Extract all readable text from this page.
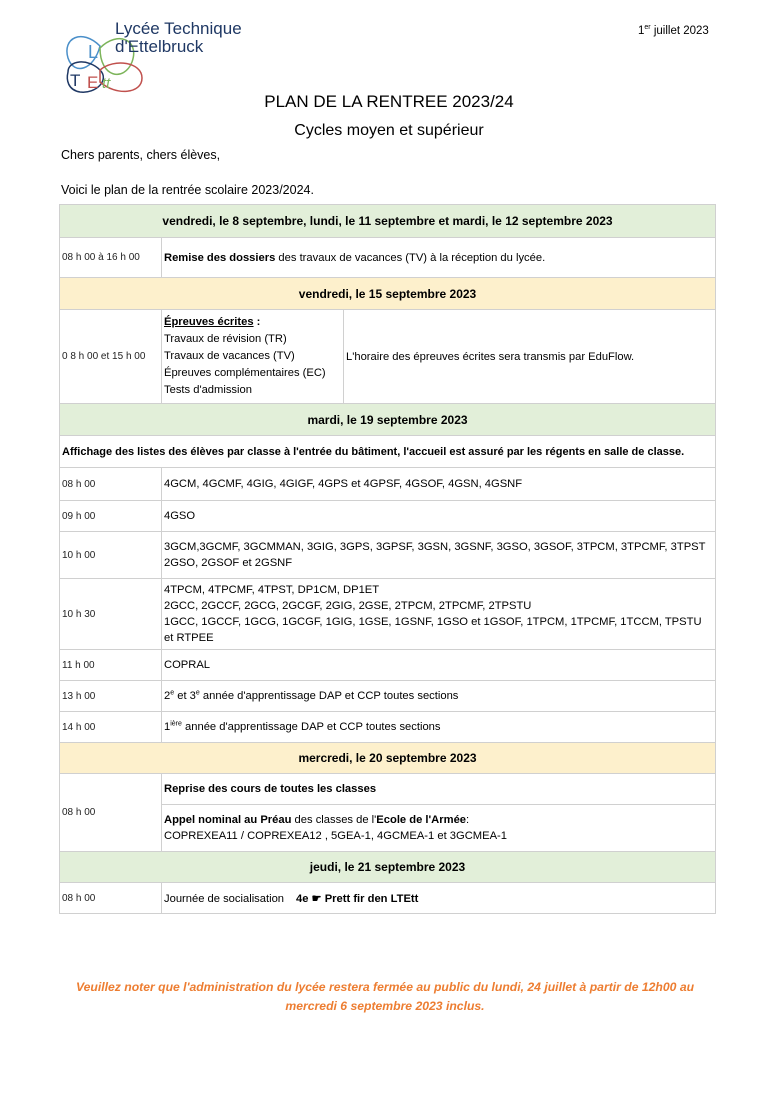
L
T E tt
Lycée Technique
d'Ettelbruck
1er juillet 2023
PLAN DE LA RENTREE 2023/24
Cycles moyen et supérieur
Chers parents, chers élèves,
Voici le plan de la rentrée scolaire 2023/2024.
vendredi, le 8 septembre, lundi, le 11 septembre et mardi, le 12 septembre 2023		
08 h 00 à 16 h 00	Remise des dossiers des travaux de vacances (TV) à la réception du lycée.	
vendredi, le 15 septembre 2023		
0 8 h 00 et 15 h 00	Épreuves écrites :
Travaux de révision (TR)
Travaux de vacances (TV)
Épreuves complémentaires (EC)
Tests d'admission	L'horaire des épreuves écrites sera transmis par EduFlow.
mardi, le 19 septembre 2023		
Affichage des listes des élèves par classe à l'entrée du bâtiment, l'accueil est assuré par les régents en salle de classe.		
08 h 00	4GCM, 4GCMF, 4GIG, 4GIGF, 4GPS et 4GPSF, 4GSOF, 4GSN, 4GSNF	
09 h 00	4GSO	
10 h 00	3GCM,3GCMF, 3GCMMAN, 3GIG, 3GPS, 3GPSF, 3GSN, 3GSNF, 3GSO, 3GSOF, 3TPCM, 3TPCMF, 3TPST 2GSO, 2GSOF et 2GSNF	
10 h 30	4TPCM, 4TPCMF, 4TPST, DP1CM, DP1ET
2GCC, 2GCCF, 2GCG, 2GCGF, 2GIG, 2GSE, 2TPCM, 2TPCMF, 2TPSTU
1GCC, 1GCCF, 1GCG, 1GCGF, 1GIG, 1GSE, 1GSNF, 1GSO et 1GSOF, 1TPCM, 1TPCMF, 1TCCM, TPSTU et RTPEE	

11 h 00	COPRAL	
13 h 00	2e et 3e année d'apprentissage DAP et CCP toutes sections	
14 h 00	$1^{ière}$ année d'apprentissage DAP et CCP toutes sections	
mercredi, le 20 septembre 2023		
08 h 00	Reprise des cours de toutes les classes	

	Appel nominal au Préau des classes de l'Ecole de l'Armée:
COPREXEA11 / COPREXEA12 , 5GEA-1, 4GCMEA-1 et 3GCMEA-1	

jeudi, le 21 septembre 2023		
08 h 00	Journée de socialisation 4e ☛ Prett fir den LTEtt	
Veuillez noter que l'administration du lycée restera fermée au public du lundi, 24 juillet à partir de 12h00 au mercredi 6 septembre 2023 inclus.
